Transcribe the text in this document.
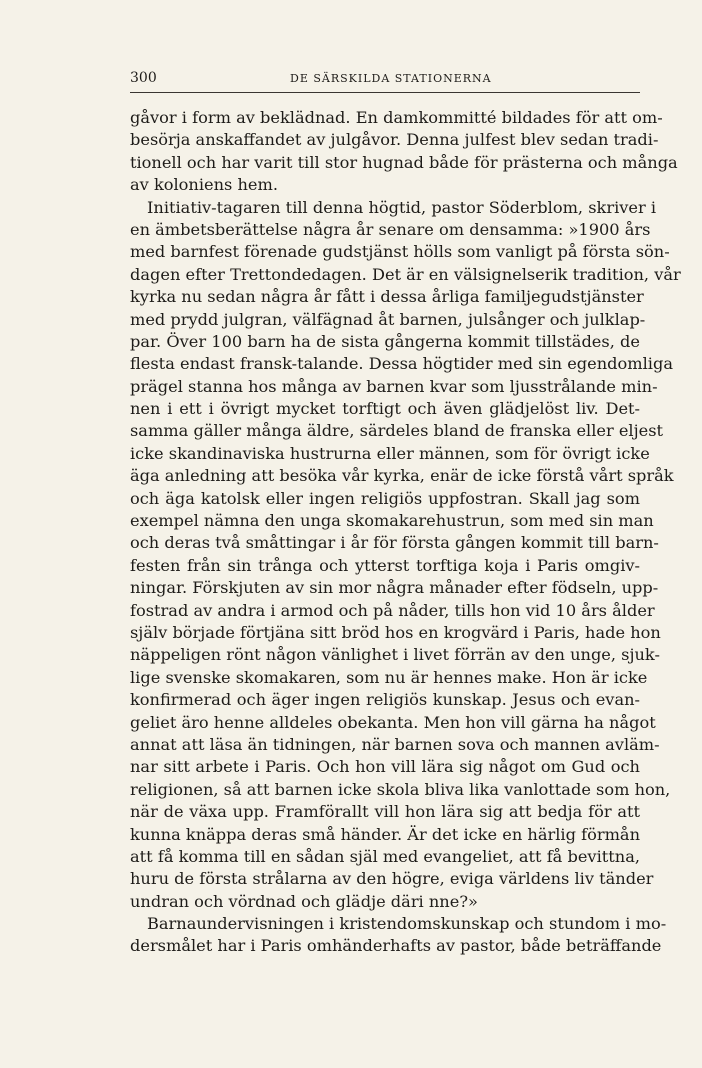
300	DE SÄRSKILDA STATIONERNA
gåvor i form av beklädnad. En damkommitté bildades för att om-
besörja anskaffandet av julgåvor. Denna julfest blev sedan tradi-
tionell och har varit till stor hugnad både för prästerna och många
av koloniens hem.
Initiativ-tagaren till denna högtid, pastor Söderblom, skriver i
en ämbetsberättelse några år senare om densamma: »1900 års
med barnfest förenade gudstjänst hölls som vanligt på första sön-
dagen efter Trettondedagen. Det är en välsignelserik tradition, vår
kyrka nu sedan några år fått i dessa årliga familjegudstjänster
med prydd julgran, välfägnad åt barnen, julsånger och julklap-
par. Över 100 barn ha de sista gångerna kommit tillstädes, de
flesta endast fransk-talande. Dessa högtider med sin egendomliga
prägel stanna hos många av barnen kvar som ljusstrålande min-
nen i ett i övrigt mycket torftigt och även glädjelöst liv. Det-
samma gäller många äldre, särdeles bland de franska eller eljest
icke skandinaviska hustrurna eller männen, som för övrigt icke
äga anledning att besöka vår kyrka, enär de icke förstå vårt språk
och äga katolsk eller ingen religiös uppfostran. Skall jag som
exempel nämna den unga skomakarehustrun, som med sin man
och deras två småttingar i år för första gången kommit till barn-
festen från sin trånga och ytterst torftiga koja i Paris omgiv-
ningar. Förskjuten av sin mor några månader efter födseln, upp-
fostrad av andra i armod och på nåder, tills hon vid 10 års ålder
själv började förtjäna sitt bröd hos en krogvärd i Paris, hade hon
näppeligen rönt någon vänlighet i livet förrän av den unge, sjuk-
lige svenske skomakaren, som nu är hennes make. Hon är icke
konfirmerad och äger ingen religiös kunskap. Jesus och evan-
geliet äro henne alldeles obekanta. Men hon vill gärna ha något
annat att läsa än tidningen, när barnen sova och mannen avläm-
nar sitt arbete i Paris. Och hon vill lära sig något om Gud och
religionen, så att barnen icke skola bliva lika vanlottade som hon,
när de växa upp. Framförallt vill hon lära sig att bedja för att
kunna knäppa deras små händer. Är det icke en härlig förmån
att få komma till en sådan själ med evangeliet, att få bevittna,
huru de första strålarna av den högre, eviga världens liv tänder
undran och vördnad och glädje däri nne?»
Barnaundervisningen i kristendomskunskap och stundom i mo-
dersmålet har i Paris omhänderhafts av pastor, både beträffande
